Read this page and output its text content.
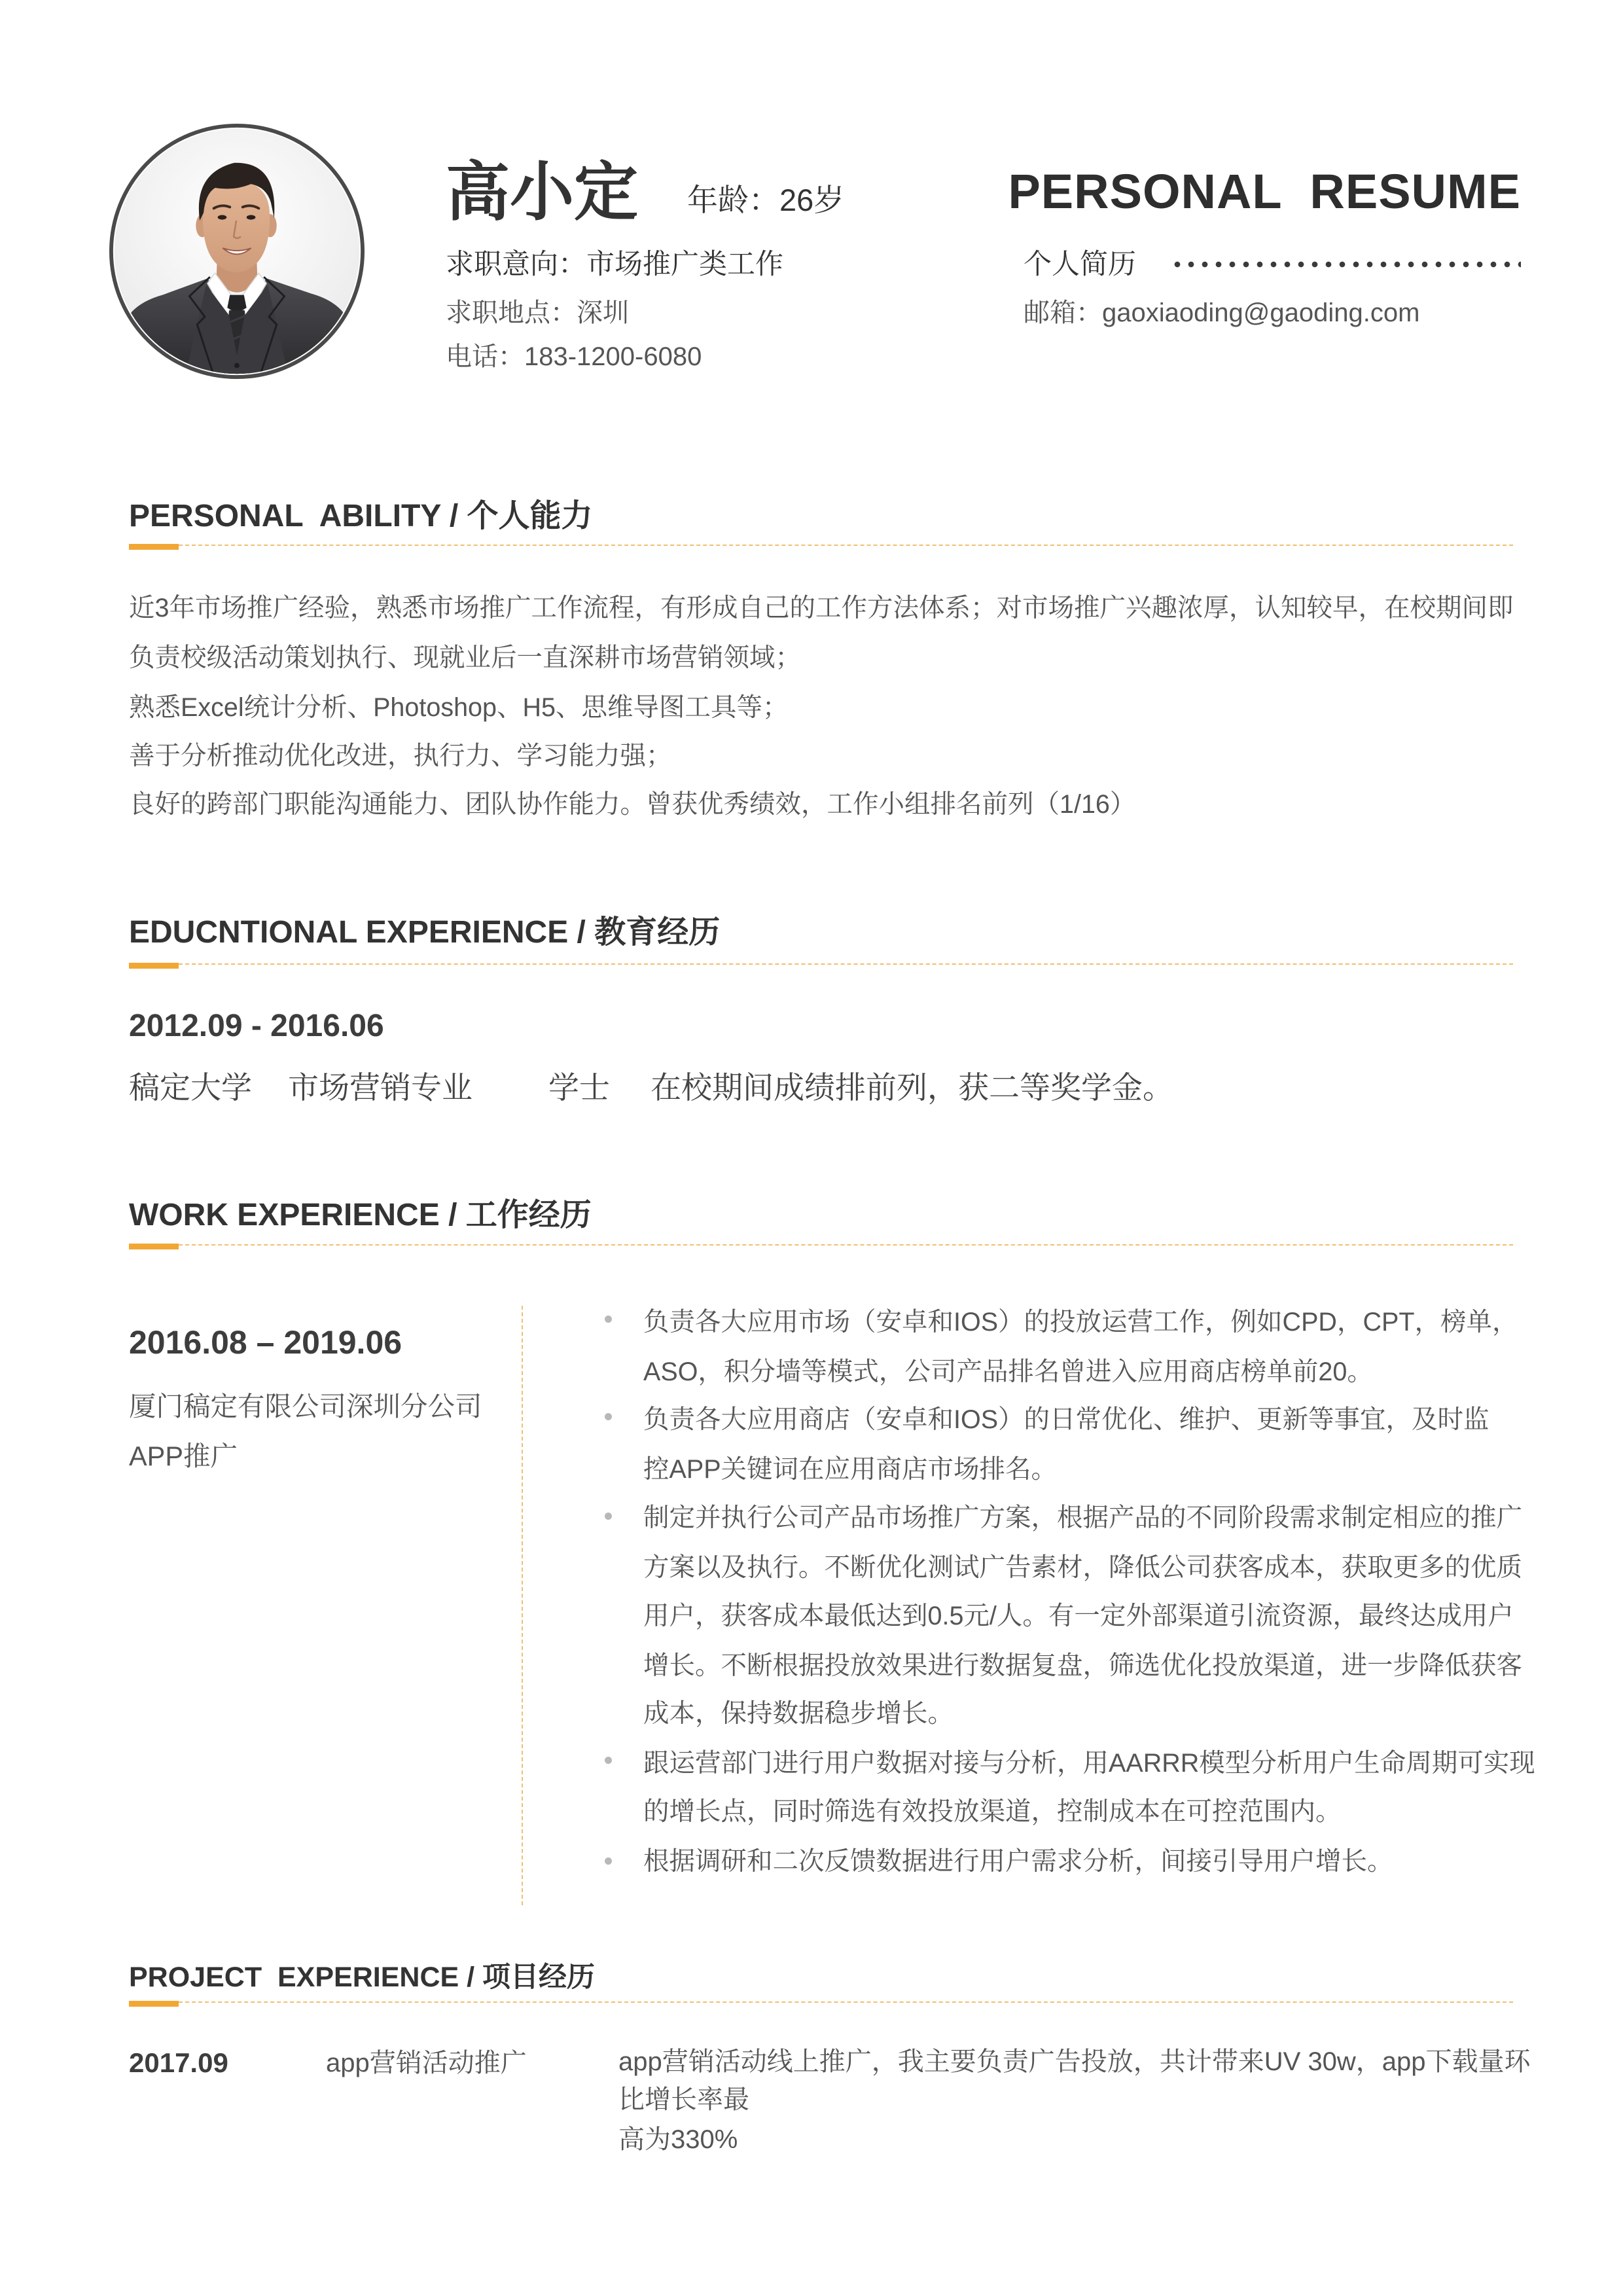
高小定 年龄：26岁	PERSONAL  RESUME
求职意向：市场推广类工作
求职地点：深圳
电话：183-1200-6080
个人简历
邮箱：gaoxiaoding@gaoding.com
PERSONAL  ABILITY / 个人能力
近3年市场推广经验，熟悉市场推广工作流程，有形成自己的工作方法体系；对市场推广兴趣浓厚，认知较早，在校期间即
负责校级活动策划执行、现就业后一直深耕市场营销领域；
熟悉Excel统计分析、Photoshop、H5、思维导图工具等；
善于分析推动优化改进，执行力、学习能力强；
良好的跨部门职能沟通能力、团队协作能力。曾获优秀绩效，工作小组排名前列（1/16）
EDUCNTIONAL EXPERIENCE / 教育经历
2012.09 - 2016.06
稿定大学 市场营销专业 学士 在校期间成绩排前列，获二等奖学金。
WORK EXPERIENCE / 工作经历
2016.08 – 2019.06
厦门稿定有限公司深圳分公司
APP推广
负责各大应用市场（安卓和IOS）的投放运营工作，例如CPD，CPT，榜单，
ASO，积分墙等模式，公司产品排名曾进入应用商店榜单前20。
负责各大应用商店（安卓和IOS）的日常优化、维护、更新等事宜，及时监
控APP关键词在应用商店市场排名。
制定并执行公司产品市场推广方案，根据产品的不同阶段需求制定相应的推广
方案以及执行。不断优化测试广告素材，降低公司获客成本，获取更多的优质
用户，获客成本最低达到0.5元/人。有一定外部渠道引流资源，最终达成用户
增长。不断根据投放效果进行数据复盘，筛选优化投放渠道，进一步降低获客
成本，保持数据稳步增长。
跟运营部门进行用户数据对接与分析，用AARRR模型分析用户生命周期可实现
的增长点，同时筛选有效投放渠道，控制成本在可控范围内。
根据调研和二次反馈数据进行用户需求分析，间接引导用户增长。
PROJECT  EXPERIENCE / 项目经历
2017.09	app营销活动推广	app营销活动线上推广，我主要负责广告投放，共计带来UV 30w，app下载量环
比增长率最
高为330%
